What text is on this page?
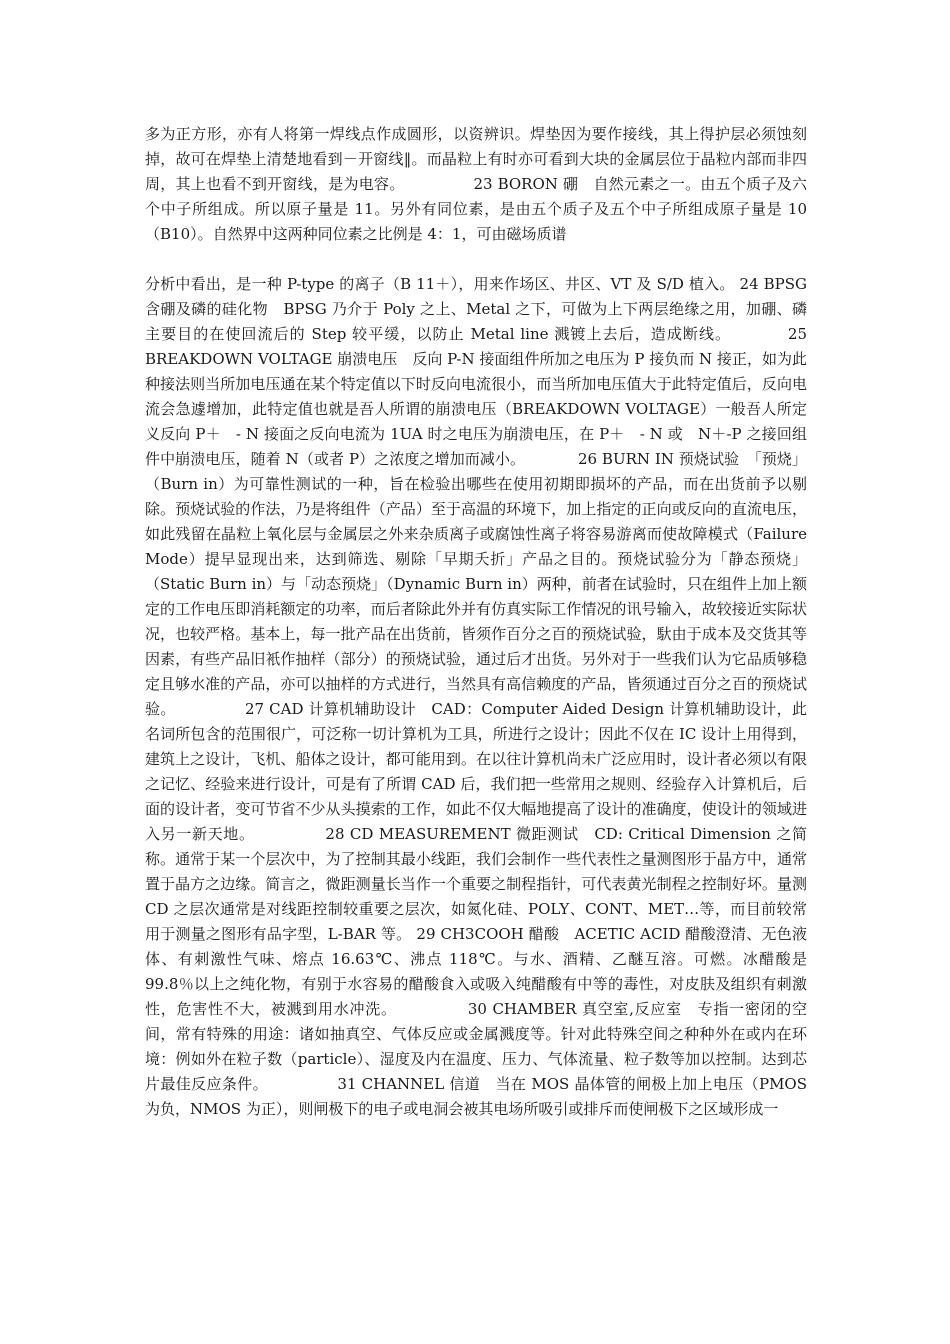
多为正方形，亦有人将第一焊线点作成圆形，以资辨识。焊垫因为要作接线，其上得护层必须蚀刻掉，故可在焊垫上清楚地看到－开窗线‖。而晶粒上有时亦可看到大块的金属层位于晶粒内部而非四周，其上也看不到开窗线，是为电容。　　　　　23 BORON 硼　自然元素之一。由五个质子及六个中子所组成。所以原子量是 11。另外有同位素，是由五个质子及五个中子所组成原子量是 10（B10）。自然界中这两种同位素之比例是 4：1，可由磁场质谱

分析中看出，是一种 P-type 的离子（B 11＋），用来作场区、井区、VT 及 S/D 植入。 24 BPSG 含硼及磷的硅化物　BPSG 乃介于 Poly 之上、Metal 之下，可做为上下两层绝缘之用，加硼、磷主要目的在使回流后的 Step 较平缓，以防止 Metal line 溅镀上去后，造成断线。　　　　25 BREAKDOWN VOLTAGE 崩溃电压　反向 P-N 接面组件所加之电压为 P 接负而 N 接正，如为此种接法则当所加电压通在某个特定值以下时反向电流很小，而当所加电压值大于此特定值后，反向电流会急遽增加，此特定值也就是吾人所谓的崩溃电压（BREAKDOWN VOLTAGE）一般吾人所定义反向 P＋　- N 接面之反向电流为 1UA 时之电压为崩溃电压，在 P＋　- N 或　N＋-P 之接回组件中崩溃电压，随着 N（或者 P）之浓度之增加而减小。　　　　26 BURN IN 预烧试验　「预烧」（Burn in）为可靠性测试的一种，旨在检验出哪些在使用初期即损坏的产品，而在出货前予以剔除。预烧试验的作法，乃是将组件（产品）至于高温的环境下，加上指定的正向或反向的直流电压，如此残留在晶粒上氧化层与金属层之外来杂质离子或腐蚀性离子将容易游离而使故障模式（Failure Mode）提早显现出来，达到筛选、剔除「早期夭折」产品之目的。预烧试验分为「静态预烧」（Static Burn in）与「动态预烧」（Dynamic Burn in）两种，前者在试验时，只在组件上加上额定的工作电压即消耗额定的功率，而后者除此外并有仿真实际工作情况的讯号输入，故较接近实际状况，也较严格。基本上，每一批产品在出货前，皆须作百分之百的预烧试验，馱由于成本及交货其等因素，有些产品旧衹作抽样（部分）的预烧试验，通过后才出货。另外对于一些我们认为它品质够稳定且够水准的产品，亦可以抽样的方式进行，当然具有高信赖度的产品，皆须通过百分之百的预烧试验。　　　　　27 CAD 计算机辅助设计　CAD：Computer Aided Design 计算机辅助设计，此名词所包含的范围很广，可泛称一切计算机为工具，所进行之设计；因此不仅在 IC 设计上用得到，建筑上之设计，飞机、船体之设计，都可能用到。在以往计算机尚未广泛应用时，设计者必须以有限之记忆、经验来进行设计，可是有了所谓 CAD 后，我们把一些常用之规则、经验存入计算机后，后面的设计者，变可节省不少从头摸索的工作，如此不仅大幅地提高了设计的准确度，使设计的领域进入另一新天地。　　　　　28 CD MEASUREMENT 微距测试　CD: Critical Dimension 之简称。通常于某一个层次中，为了控制其最小线距，我们会制作一些代表性之量测图形于晶方中，通常置于晶方之边缘。简言之，微距测量长当作一个重要之制程指针，可代表黄光制程之控制好坏。量测 CD 之层次通常是对线距控制较重要之层次，如氮化硅、POLY、CONT、MET…等，而目前较常用于测量之图形有品字型，L-BAR 等。 29 CH3COOH 醋酸　ACETIC ACID 醋酸澄清、无色液体、有刺激性气味、熔点 16.63℃、沸点 118℃。与水、酒精、乙醚互溶。可燃。冰醋酸是 99.8％以上之纯化物，有别于水容易的醋酸食入或吸入纯醋酸有中等的毒性，对皮肤及组织有刺激性，危害性不大，被溅到用水冲洗。　　　　　30 CHAMBER 真空室,反应室　专指一密闭的空间，常有特殊的用途：诸如抽真空、气体反应或金属溅度等。针对此特殊空间之种种外在或内在环境：例如外在粒子数（particle）、湿度及内在温度、压力、气体流量、粒子数等加以控制。达到芯片最佳反应条件。　　　　　31 CHANNEL 信道　当在 MOS 晶体管的闸极上加上电压（PMOS 为负，NMOS 为正），则闸极下的电子或电洞会被其电场所吸引或排斥而使闸极下之区域形成一
